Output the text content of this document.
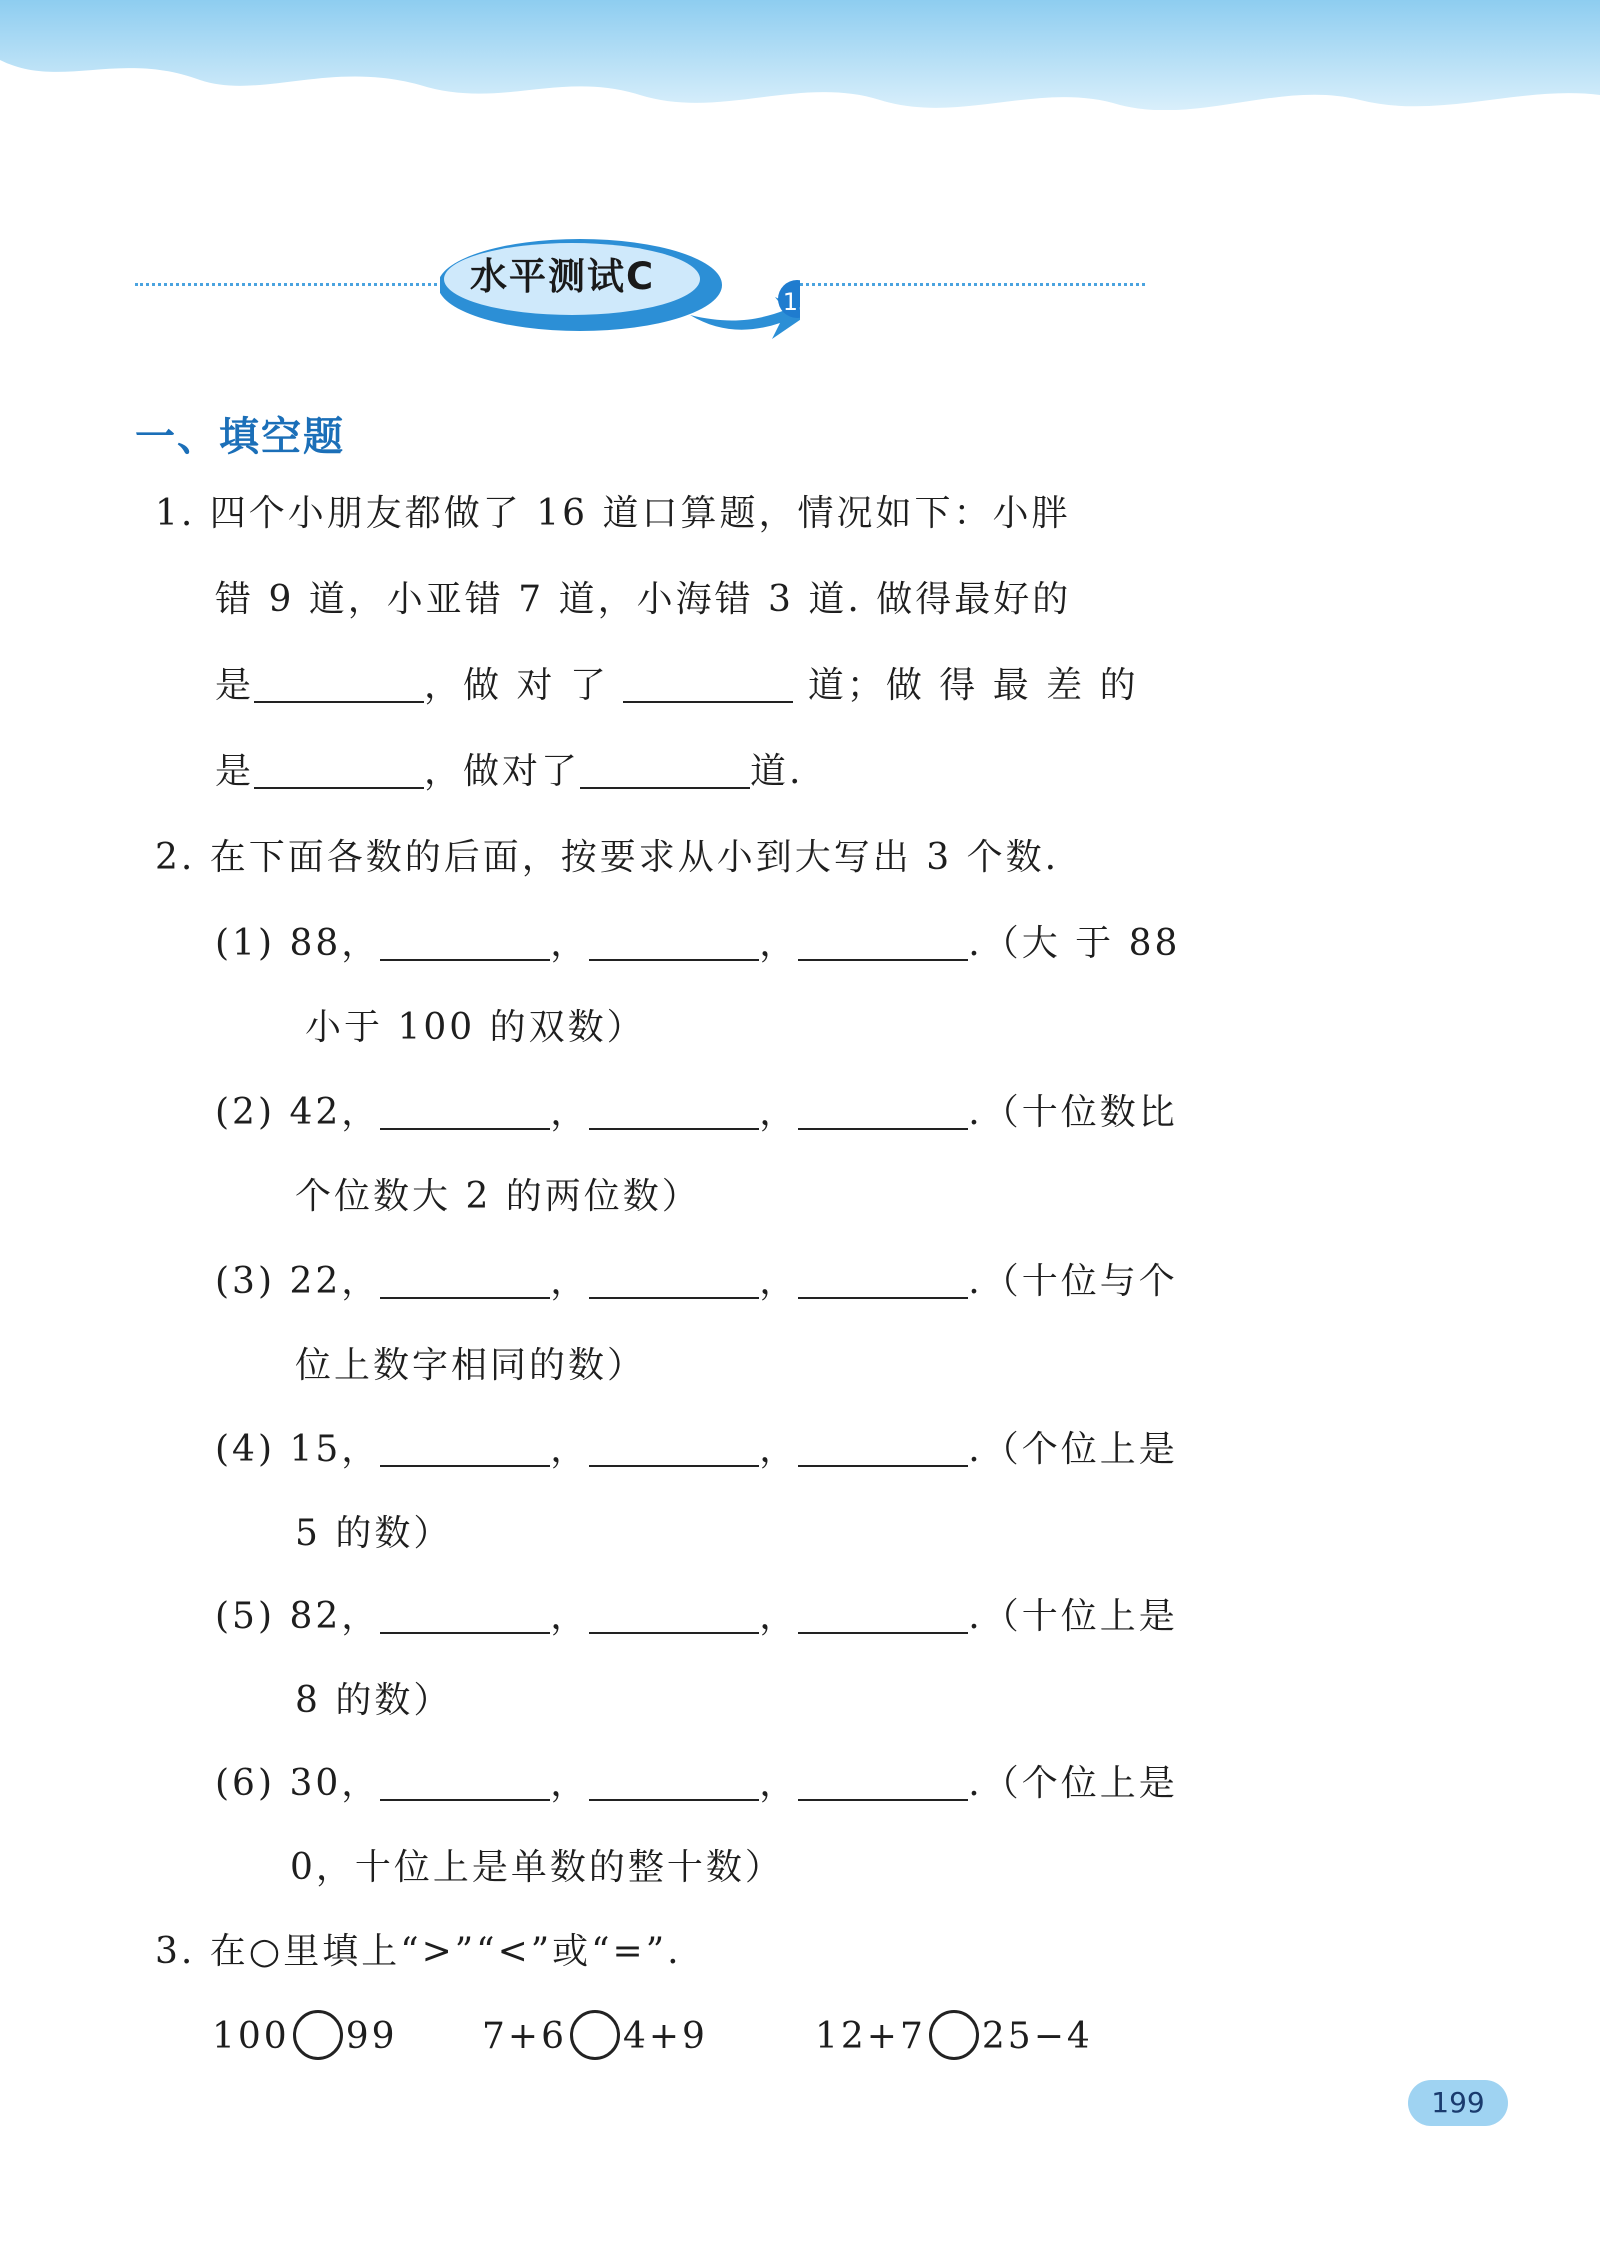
水平测试C
15
一、填空题
1. 四个小朋友都做了 16 道口算题，情况如下：小胖
错 9 道，小亚错 7 道，小海错 3 道. 做得最好的
是	，做 对 了	道；做 得 最 差 的
是	，做对了	道.
2. 在下面各数的后面，按要求从小到大写出 3 个数.
(1) 88，	，	，	.（大 于 88
小于 100 的双数）
(2) 42，	，	，	.（十位数比
个位数大 2 的两位数）
(3) 22，	，	，	.（十位与个
位上数字相同的数）
(4) 15，	，	，	.（个位上是
5 的数）
(5) 82，	，	，	.（十位上是
8 的数）
(6) 30，	，	，	.（个位上是
0，十位上是单数的整十数）
3. 在○里填上“>”“<”或“=”.
100 99 7+6 4+9	12+7 25−4
199
